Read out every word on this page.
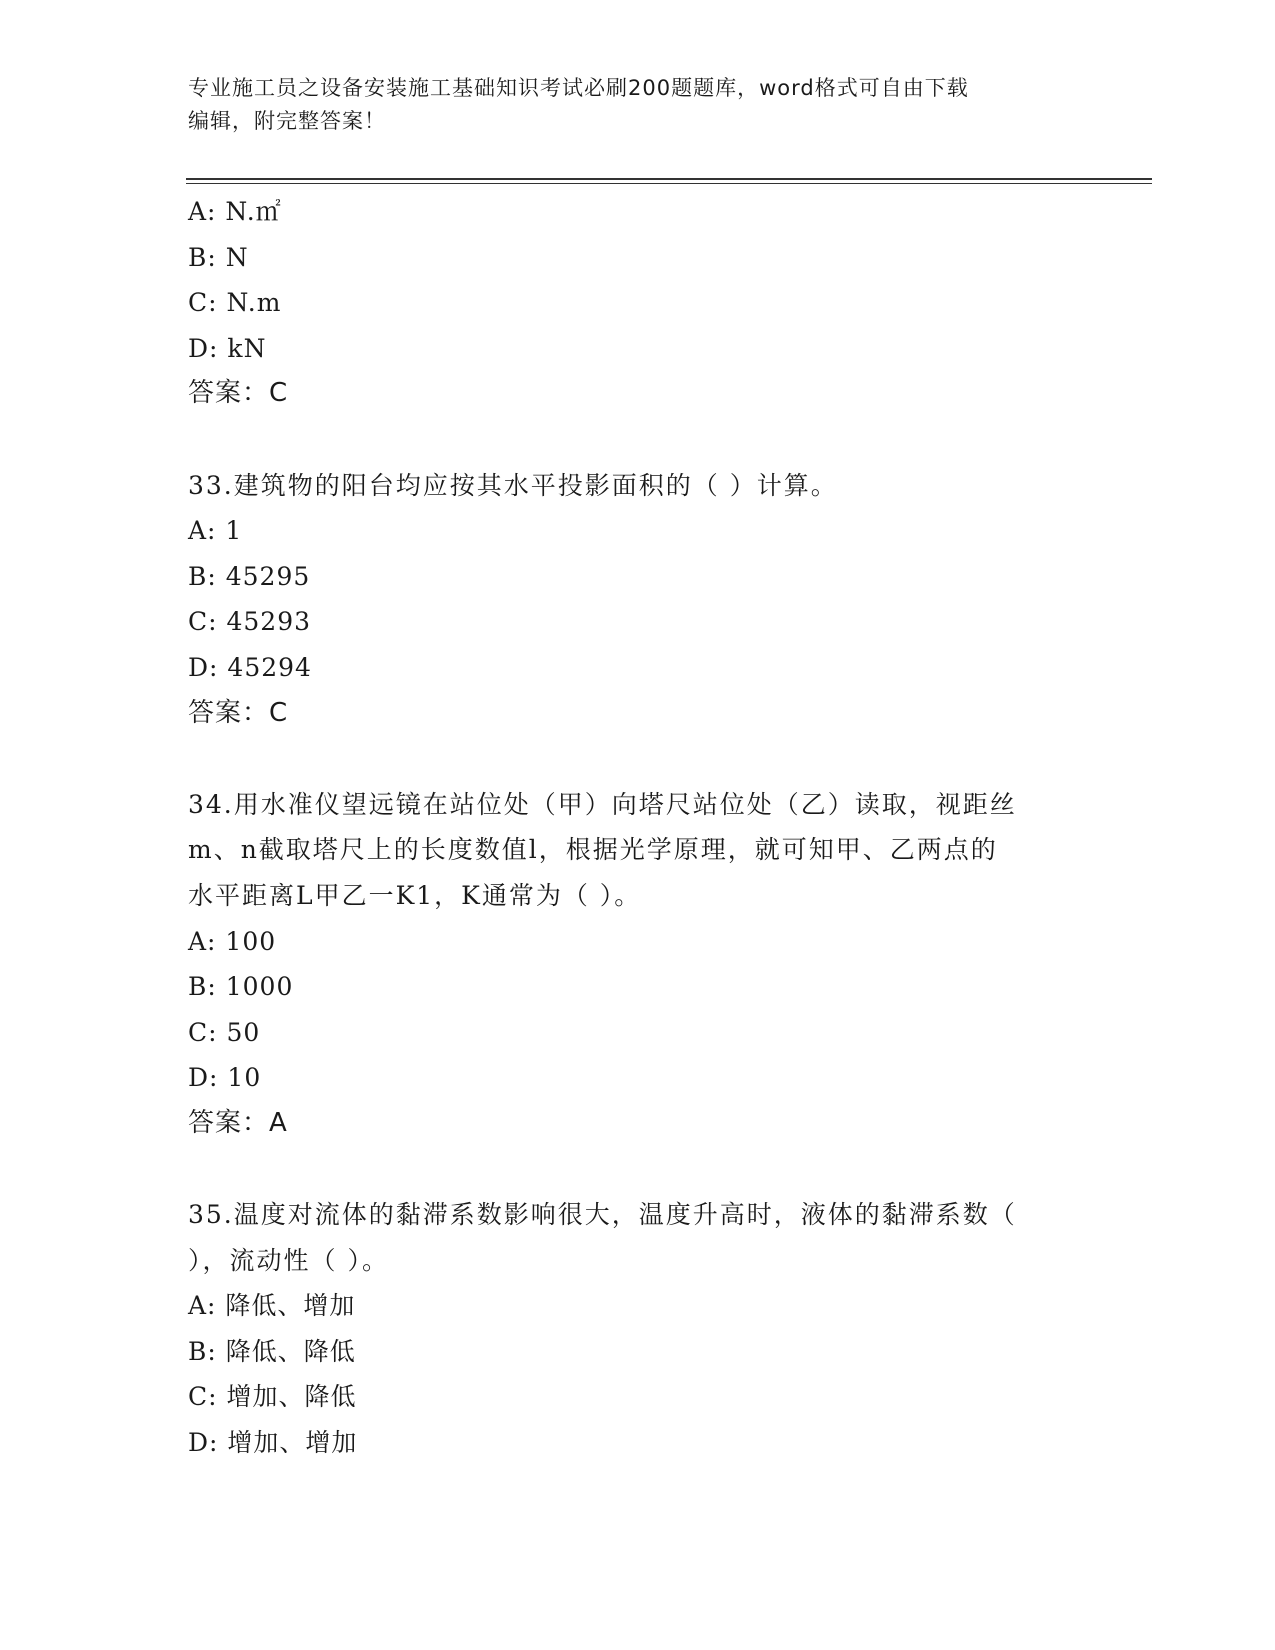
专业施工员之设备安装施工基础知识考试必刷200题题库，word格式可自由下载
编辑，附完整答案！
A: N.㎡
B: N
C: N.m
D: kN
答案：C
33.建筑物的阳台均应按其水平投影面积的（ ）计算。
A: 1
B: 45295
C: 45293
D: 45294
答案：C
34.用水准仪望远镜在站位处（甲）向塔尺站位处（乙）读取，视距丝
m、n截取塔尺上的长度数值l，根据光学原理，就可知甲、乙两点的
水平距离L甲乙一K1，K通常为（ ）。
A: 100
B: 1000
C: 50
D: 10
答案：A
35.温度对流体的黏滞系数影响很大，温度升高时，液体的黏滞系数（
），流动性（ ）。
A: 降低、增加
B: 降低、降低
C: 增加、降低
D: 增加、增加
